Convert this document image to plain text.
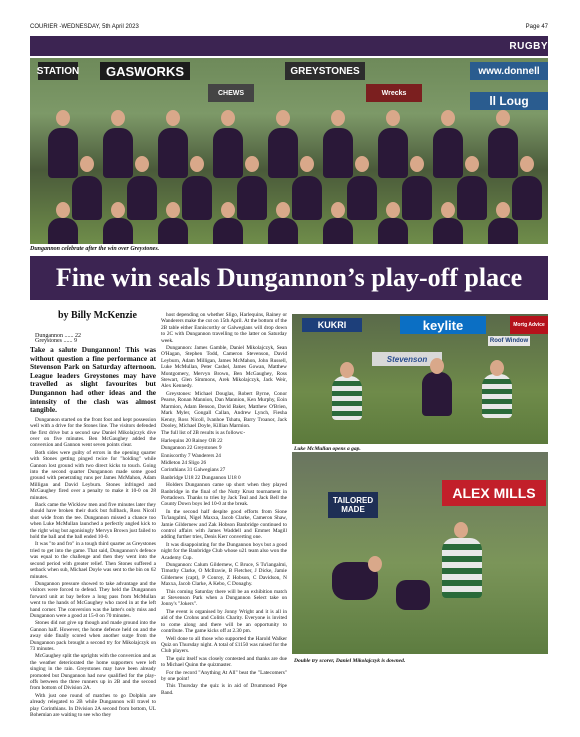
COURIER -WEDNESDAY, 5th April 2023	Page 47
RUGBY
STATION	GASWORKS	GREYSTONES	www.donnell
CHEWS	Wrecks
ll Loug
Dungannon celebrate after the win over Greystones.
Fine win seals Dungannon’s play-off place
by Billy McKenzie

Dungannon ...... 22

Greystones ...... 9

Take a salute Dungannon! This was without question a fine performance at Stevenson Park on Saturday afternoon. League leaders Greystones may have travelled as slight favourites but Dungannon had other ideas and the intensity of the clash was almost tangible.

Dungannon started on the front foot and kept possession well with a drive for the Stones line. The visitors defended the first drive but a second saw Daniel Mikolajczyk dive over on five minutes. Ben McGaughey added the conversion and Gannon went seven points clear.

Both sides were guilty of errors in the opening quarter with Stones getting pinged twice for "holding" while Gannon lost ground with two direct kicks to touch. Going into the second quarter Dungannon made some good ground with penetrating runs per James McMahon, Adam Milligan and David Leyburn. Stones infringed and McGaughey fired over a penalty to make it 10-0 on 28 minutes.

Back came the Wicklow men and five minutes later they should have broken their duck but fullback, Ross Nicoll shot wide from the tee. Dungannon missed a chance too when Luke McMullan launched a perfectly angled kick to the right wing but agonisingly Mervyn Brown just failed to hold the ball and the ball ended 10-0.

It was "to and fro" in a tough third quarter as Greystones tried to get into the game. That said, Dungannon's defence was equal to the challenge and then they went into the second period with greater relief. Then Stones suffered a setback when sub, Michael Doyle was sent to the bin on 62 minutes.

Dungannon pressure showed to take advantage and the visitors were forced to defend. They held the Dungannon forward unit at bay before a long pass from McMullan went to the hands of McGaughey who raced in at the left hand corner. The conversion was the latter's only miss and Dungannon were a good at 15-0 on 70 minutes.

Stones did not give up though and made ground into the Gannon half. However, the home defence held on and the away side finally scored when another surge from the Dungannon pack brought a second try for Mikolajczyk on 73 minutes.

McGaughey split the uprights with the conversion and as the weather deteriorated the home supporters were left singing in the rain. Greystones may have been already promoted but Dungannon had now qualified for the play-offs between the three runners up in 2B and the second from bottom of Division 2A.

With just one round of matches to go Dolphin are already relegated to 2B while Dungannon will travel to play Corinthians. In Division 2A second from bottom, UL Bohemian are waiting to see who they

host depending on whether Sligo, Harlequins, Rainey or Wanderers make the cut on 15th April. At the bottom of the 2B table either Enniscorthy or Galwegians will drop down to 2C with Dungannon travelling to the latter on Saturday week.

Dungannon: James Gamble, Daniel Mikolajczyk, Sean O'Hagan, Stephen Todd, Cameron Stevenson, David Leyburn, Adam Milligan, James McMahon, John Russell, Luke McMullan, Peter Cashel, James Gowan, Matthew Montgomery, Mervyn Brown, Ben McGaughey, Ross Stewart, Glen Simmons, Arek Mikolajczyk, Jack Weir, Alex Kennedy.

Greystones: Michael Douglas, Robert Byrne, Conor Pearse, Ronan Mannion, Dan Mannion, Ken Murphy, Eoin Marmion, Adam Benson, David Baker, Matthew O'Brien, Mark Myler, Gongall Callan, Andrew Lynch, Fiesha Kenny, Ross Nicoll, Ivanhoe Tshatu, Barry Troanor, Jack Dooley, Michael Doyle, Killian Marmion.

The full list of 2B results is as follows:-

Harlequins 20 Rainey OB 22

Dungannon 22 Greystones 9

Enniscorthy 7 Wanderers 24

Midleton 24 Sligo 26

Corinthians 31 Galwegians 27

Banbridge U18 22 Dungannon U18 0

Holders Dungannon came up short when they played Banbridge in the final of the Nutty Krust tournament in Portadown. Thanks to tries by Jack Teal and Jack Bell the County Down boys led 10-0 at the break.

In the second half despite good efforts from Sione Tu'iangalmi, Nigel Maxxa, Jacob Clarke, Cameron Shaw, Jamie Gildernew and Zak Hobson Banbridge continued to control affairs with James Waddell and Emmet Magill adding further tries, Denis Kerr converting one.

It was disappointing for the Dungannon boys but a good night for the Banbridge Club whose u21 team also won the Academy Cup.

Dungannon: Calum Gildernew, C Bruce, S Tu'iangalmi, Timothy Clarke, O McIlravie, B Fletcher, J Dicke, Jamie Gildernew (capt), P Conroy, Z Hobson, C Davidson, N Maxxa, Jacob Clarke, A Kebo, C Donaghy.

This coming Saturday there will be an exhibition match at Stevenson Park when a Dungannon Select take on Jonny's "Jokers".

The event is organised by Jonny Wright and it is all in aid of the Crohns and Colitis Charity. Everyone is invited to come along and there will be an opportunity to contribute. The game kicks off at 2.30 pm.

Well done to all those who supported the Harold Walker Quiz on Thursday night. A total of £1150 was raised for the Club players.

The quiz itself was closely contested and thanks are due to Michael Quinn the quizmaster.

For the record "Anything At All" beat the "Latecomers" by one point!

This Thursday the quiz is in aid of Drummond Pipe Band.

KUKRI	keylite	Mortg Advice
Roof Window
Stevenson
Luke McMullan opens a gap.
TAILORED
MADE
ALEX
MILLS
Double try scorer, Daniel Mikolajczyk is downed.
